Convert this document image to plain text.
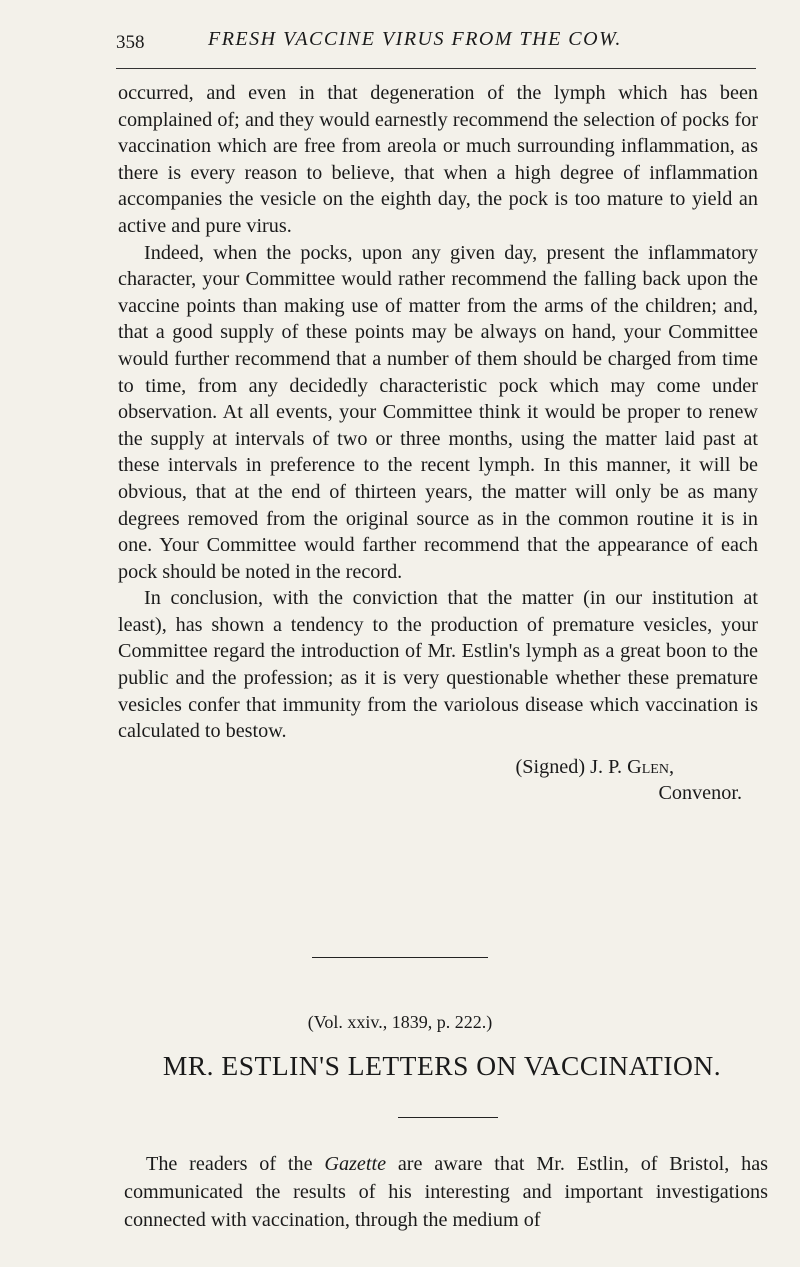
358	FRESH VACCINE VIRUS FROM THE COW.

occurred, and even in that degeneration of the lymph which has been complained of; and they would earnestly recommend the selection of pocks for vaccination which are free from areola or much surrounding inflammation, as there is every reason to believe, that when a high degree of inflammation accompanies the vesicle on the eighth day, the pock is too mature to yield an active and pure virus.

Indeed, when the pocks, upon any given day, present the inflammatory character, your Committee would rather recommend the falling back upon the vaccine points than making use of matter from the arms of the children; and, that a good supply of these points may be always on hand, your Committee would further recommend that a number of them should be charged from time to time, from any decidedly characteristic pock which may come under observation. At all events, your Committee think it would be proper to renew the supply at intervals of two or three months, using the matter laid past at these intervals in preference to the recent lymph. In this manner, it will be obvious, that at the end of thirteen years, the matter will only be as many degrees removed from the original source as in the common routine it is in one. Your Committee would farther recommend that the appearance of each pock should be noted in the record.

In conclusion, with the conviction that the matter (in our institution at least), has shown a tendency to the production of premature vesicles, your Committee regard the introduction of Mr. Estlin's lymph as a great boon to the public and the profession; as it is very questionable whether these premature vesicles confer that immunity from the variolous disease which vaccination is calculated to bestow.

(Signed) J. P. Glen,

Convenor.

(Vol. xxiv., 1839, p. 222.)
MR. ESTLIN'S LETTERS ON VACCINATION.

The readers of the Gazette are aware that Mr. Estlin, of Bristol, has communicated the results of his interesting and important investigations connected with vaccination, through the medium of
